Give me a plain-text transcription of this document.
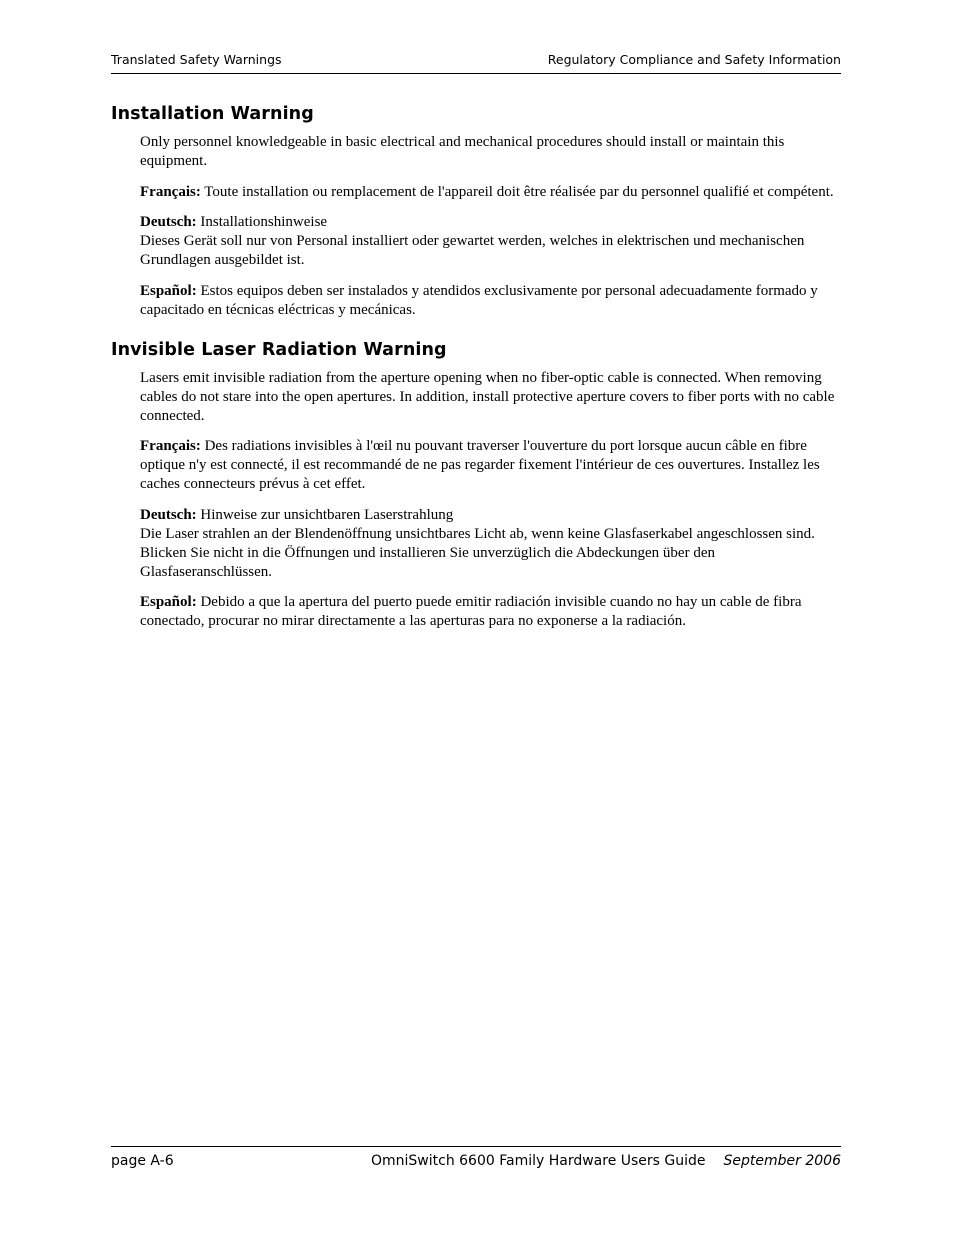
Translated Safety Warnings	Regulatory Compliance and Safety Information
Installation Warning

Only personnel knowledgeable in basic electrical and mechanical procedures should install or maintain this equipment.

Français: Toute installation ou remplacement de l'appareil doit être réalisée par du personnel qualifié et compétent.

Deutsch: Installationshinweise
Dieses Gerät soll nur von Personal installiert oder gewartet werden, welches in elektrischen und mechanischen Grundlagen ausgebildet ist.

Español: Estos equipos deben ser instalados y atendidos exclusivamente por personal adecuadamente formado y capacitado en técnicas eléctricas y mecánicas.

Invisible Laser Radiation Warning

Lasers emit invisible radiation from the aperture opening when no fiber-optic cable is connected. When removing cables do not stare into the open apertures. In addition, install protective aperture covers to fiber ports with no cable connected.

Français: Des radiations invisibles à l'œil nu pouvant traverser l'ouverture du port lorsque aucun câble en fibre optique n'y est connecté, il est recommandé de ne pas regarder fixement l'intérieur de ces ouvertures. Installez les caches connecteurs prévus à cet effet.

Deutsch: Hinweise zur unsichtbaren Laserstrahlung
Die Laser strahlen an der Blendenöffnung unsichtbares Licht ab, wenn keine Glasfaserkabel angeschlossen sind. Blicken Sie nicht in die Öffnungen und installieren Sie unverzüglich die Abdeckungen über den Glasfaseranschlüssen.

Español: Debido a que la apertura del puerto puede emitir radiación invisible cuando no hay un cable de fibra conectado, procurar no mirar directamente a las aperturas para no exponerse a la radiación.

page A-6	OmniSwitch 6600 Family Hardware Users Guide September 2006
